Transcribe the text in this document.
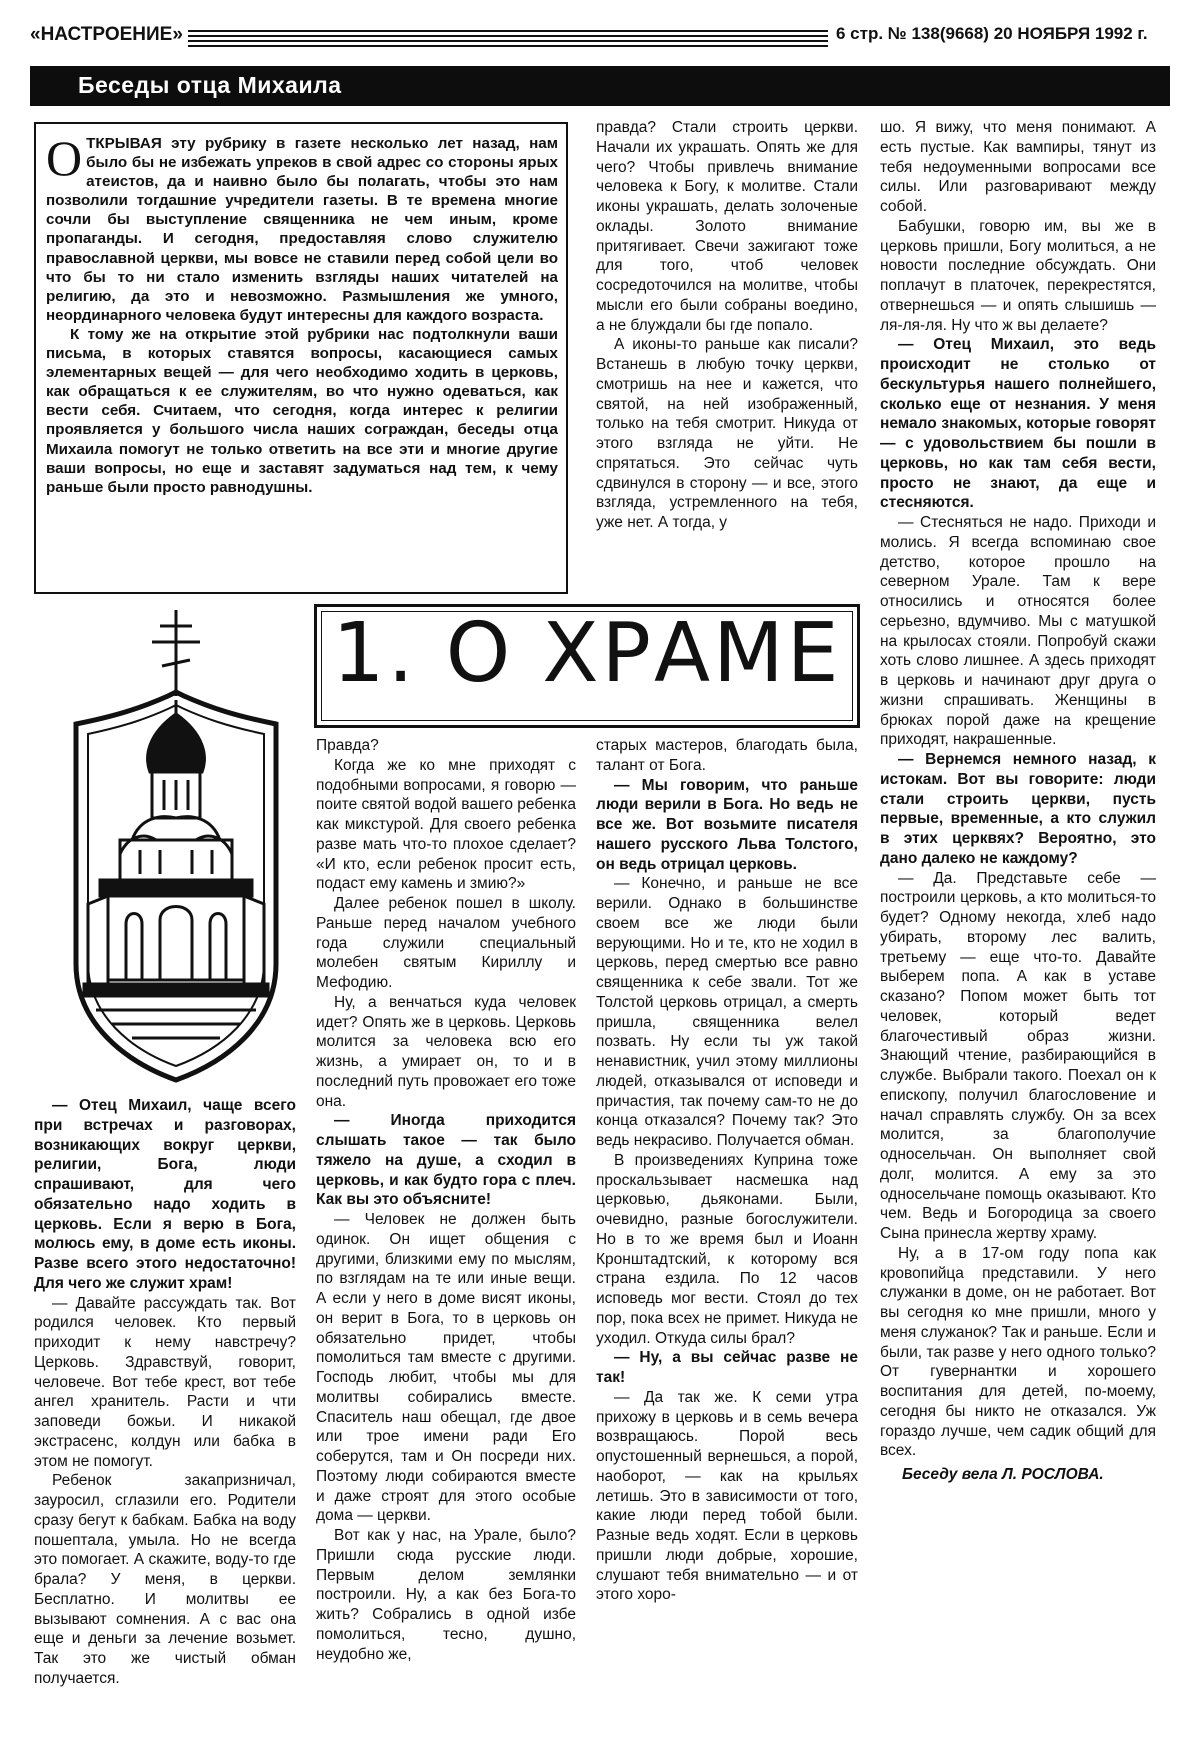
«НАСТРОЕНИЕ»	6 стр. № 138(9668) 20 НОЯБРЯ 1992 г.
Беседы отца Михаила

ОТКРЫВАЯ эту рубрику в газете несколько лет назад, нам было бы не избежать упреков в свой адрес со стороны ярых атеистов, да и наивно было бы полагать, чтобы это нам позволили тогдашние учредители газеты. В те времена многие сочли бы выступление священника не чем иным, кроме пропаганды. И сегодня, предоставляя слово служителю православной церкви, мы вовсе не ставили перед собой цели во что бы то ни стало изменить взгляды наших читателей на религию, да это и невозможно. Размышления же умного, неординарного человека будут интересны для каждого возраста.

К тому же на открытие этой рубрики нас подтолкнули ваши письма, в которых ставятся вопросы, касающиеся самых элементарных вещей — для чего необходимо ходить в церковь, как обращаться к ее служителям, во что нужно одеваться, как вести себя. Считаем, что сегодня, когда интерес к религии проявляется у большого числа наших сограждан, беседы отца Михаила помогут не только ответить на все эти и многие другие ваши вопросы, но еще и заставят задуматься над тем, к чему раньше были просто равнодушны.

правда? Стали строить церкви. Начали их украшать. Опять же для чего? Чтобы привлечь внимание человека к Богу, к молитве. Стали иконы украшать, делать золоченые оклады. Золото внимание притягивает. Свечи зажигают тоже для того, чтоб человек сосредоточился на молитве, чтобы мысли его были собраны воедино, а не блуждали бы где попало.

А иконы-то раньше как писали? Встанешь в любую точку церкви, смотришь на нее и кажется, что святой, на ней изображенный, только на тебя смотрит. Никуда от этого взгляда не уйти. Не спрятаться. Это сейчас чуть сдвинулся в сторону — и все, этого взгляда, устремленного на тебя, уже нет. А тогда, у

шо. Я вижу, что меня понимают. А есть пустые. Как вампиры, тянут из тебя недоуменными вопросами все силы. Или разговаривают между собой.

Бабушки, говорю им, вы же в церковь пришли, Богу молиться, а не новости последние обсуждать. Они поплачут в платочек, перекрестятся, отвернешься — и опять слышишь — ля-ля-ля. Ну что ж вы делаете?

— Отец Михаил, это ведь происходит не столько от бескультурья нашего полнейшего, сколько еще от незнания. У меня немало знакомых, которые говорят — с удовольствием бы пошли в церковь, но как там себя вести, просто не знают, да еще и стесняются.

— Стесняться не надо. Приходи и молись. Я всегда вспоминаю свое детство, которое прошло на северном Урале. Там к вере относились и относятся более серьезно, вдумчиво. Мы с матушкой на крылосах стояли. Попробуй скажи хоть слово лишнее. А здесь приходят в церковь и начинают друг друга о жизни спрашивать. Женщины в брюках порой даже на крещение приходят, накрашенные.

— Вернемся немного назад, к истокам. Вот вы говорите: люди стали строить церкви, пусть первые, временные, а кто служил в этих церквях? Вероятно, это дано далеко не каждому?

— Да. Представьте себе — построили церковь, а кто молиться-то будет? Одному некогда, хлеб надо убирать, второму лес валить, третьему — еще что-то. Давайте выберем попа. А как в уставе сказано? Попом может быть тот человек, который ведет благочестивый образ жизни. Знающий чтение, разбирающийся в службе. Выбрали такого. Поехал он к епископу, получил благословение и начал справлять службу. Он за всех молится, за благополучие односельчан. Он выполняет свой долг, молится. А ему за это односельчане помощь оказывают. Кто чем. Ведь и Богородица за своего Сына принесла жертву храму.

Ну, а в 17-ом году попа как кровопийца представили. У него служанки в доме, он не работает. Вот вы сегодня ко мне пришли, много у меня служанок? Так и раньше. Если и были, так разве у него одного только? От гувернантки и хорошего воспитания для детей, по-моему, сегодня бы никто не отказался. Уж гораздо лучше, чем садик общий для всех.

Беседу вела Л. РОСЛОВА.

1. О ХРАМЕ

— Отец Михаил, чаще всего при встречах и разговорах, возникающих вокруг церкви, религии, Бога, люди спрашивают, для чего обязательно надо ходить в церковь. Если я верю в Бога, молюсь ему, в доме есть иконы. Разве всего этого недостаточно! Для чего же служит храм!

— Давайте рассуждать так. Вот родился человек. Кто первый приходит к нему навстречу? Церковь. Здравствуй, говорит, человече. Вот тебе крест, вот тебе ангел хранитель. Расти и чти заповеди божьи. И никакой экстрасенс, колдун или бабка в этом не помогут.

Ребенок закапризничал, зауросил, сглазили его. Родители сразу бегут к бабкам. Бабка на воду пошептала, умыла. Но не всегда это помогает. А скажите, воду-то где брала? У меня, в церкви. Бесплатно. И молитвы ее вызывают сомнения. А с вас она еще и деньги за лечение возьмет. Так это же чистый обман получается.

Правда?

Когда же ко мне приходят с подобными вопросами, я говорю — поите святой водой вашего ребенка как микстурой. Для своего ребенка разве мать что-то плохое сделает? «И кто, если ребенок просит есть, подаст ему камень и змию?»

Далее ребенок пошел в школу. Раньше перед началом учебного года служили специальный молебен святым Кириллу и Мефодию.

Ну, а венчаться куда человек идет? Опять же в церковь. Церковь молится за человека всю его жизнь, а умирает он, то и в последний путь провожает его тоже она.

— Иногда приходится слышать такое — так было тяжело на душе, а сходил в церковь, и как будто гора с плеч. Как вы это объясните!

— Человек не должен быть одинок. Он ищет общения с другими, близкими ему по мыслям, по взглядам на те или иные вещи. А если у него в доме висят иконы, он верит в Бога, то в церковь он обязательно придет, чтобы помолиться там вместе с другими. Господь любит, чтобы мы для молитвы собирались вместе. Спаситель наш обещал, где двое или трое имени ради Его соберутся, там и Он посреди них. Поэтому люди собираются вместе и даже строят для этого особые дома — церкви.

Вот как у нас, на Урале, было? Пришли сюда русские люди. Первым делом землянки построили. Ну, а как без Бога-то жить? Собрались в одной избе помолиться, тесно, душно, неудобно же,

старых мастеров, благодать была, талант от Бога.

— Мы говорим, что раньше люди верили в Бога. Но ведь не все же. Вот возьмите писателя нашего русского Льва Толстого, он ведь отрицал церковь.

— Конечно, и раньше не все верили. Однако в большинстве своем все же люди были верующими. Но и те, кто не ходил в церковь, перед смертью все равно священника к себе звали. Тот же Толстой церковь отрицал, а смерть пришла, священника велел позвать. Ну если ты уж такой ненавистник, учил этому миллионы людей, отказывался от исповеди и причастия, так почему сам-то не до конца отказался? Почему так? Это ведь некрасиво. Получается обман.

В произведениях Куприна тоже проскальзывает насмешка над церковью, дьяконами. Были, очевидно, разные богослужители. Но в то же время был и Иоанн Кронштадтский, к которому вся страна ездила. По 12 часов исповедь мог вести. Стоял до тех пор, пока всех не примет. Никуда не уходил. Откуда силы брал?

— Ну, а вы сейчас разве не так!

— Да так же. К семи утра прихожу в церковь и в семь вечера возвращаюсь. Порой весь опустошенный вернешься, а порой, наоборот, — как на крыльях летишь. Это в зависимости от того, какие люди перед тобой были. Разные ведь ходят. Если в церковь пришли люди добрые, хорошие, слушают тебя внимательно — и от этого хоро-
